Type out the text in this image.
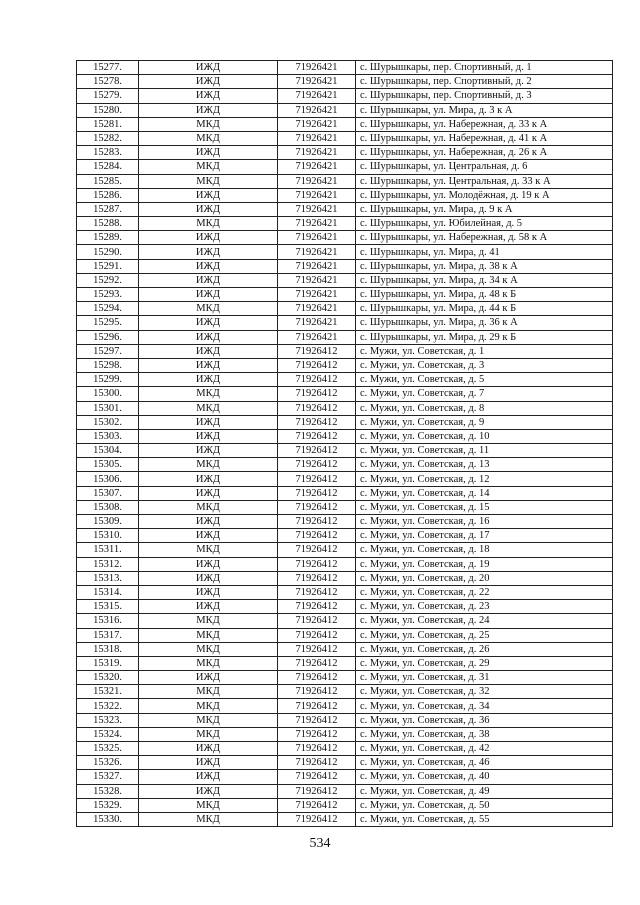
15277.	ИЖД	71926421	с. Шурышкары, пер. Спортивный, д. 1
15278.	ИЖД	71926421	с. Шурышкары, пер. Спортивный, д. 2
15279.	ИЖД	71926421	с. Шурышкары, пер. Спортивный, д. 3
15280.	ИЖД	71926421	с. Шурышкары, ул. Мира, д. 3 к А
15281.	МКД	71926421	с. Шурышкары, ул. Набережная, д. 33 к А
15282.	МКД	71926421	с. Шурышкары, ул. Набережная, д. 41 к А
15283.	ИЖД	71926421	с. Шурышкары, ул. Набережная, д. 26 к А
15284.	МКД	71926421	с. Шурышкары, ул. Центральная, д. 6
15285.	МКД	71926421	с. Шурышкары, ул. Центральная, д. 33 к А
15286.	ИЖД	71926421	с. Шурышкары, ул. Молодёжная, д. 19 к А
15287.	ИЖД	71926421	с. Шурышкары, ул. Мира, д. 9 к А
15288.	МКД	71926421	с. Шурышкары, ул. Юбилейная, д. 5
15289.	ИЖД	71926421	с. Шурышкары, ул. Набережная, д. 58 к А
15290.	ИЖД	71926421	с. Шурышкары, ул. Мира, д. 41
15291.	ИЖД	71926421	с. Шурышкары, ул. Мира, д. 38 к А
15292.	ИЖД	71926421	с. Шурышкары, ул. Мира, д. 34 к А
15293.	ИЖД	71926421	с. Шурышкары, ул. Мира, д. 48 к Б
15294.	МКД	71926421	с. Шурышкары, ул. Мира, д. 44 к Б
15295.	ИЖД	71926421	с. Шурышкары, ул. Мира, д. 36 к А
15296.	ИЖД	71926421	с. Шурышкары, ул. Мира, д. 29 к Б
15297.	ИЖД	71926412	с. Мужи, ул. Советская, д. 1
15298.	ИЖД	71926412	с. Мужи, ул. Советская, д. 3
15299.	ИЖД	71926412	с. Мужи, ул. Советская, д. 5
15300.	МКД	71926412	с. Мужи, ул. Советская, д. 7
15301.	МКД	71926412	с. Мужи, ул. Советская, д. 8
15302.	ИЖД	71926412	с. Мужи, ул. Советская, д. 9
15303.	ИЖД	71926412	с. Мужи, ул. Советская, д. 10
15304.	ИЖД	71926412	с. Мужи, ул. Советская, д. 11
15305.	МКД	71926412	с. Мужи, ул. Советская, д. 13
15306.	ИЖД	71926412	с. Мужи, ул. Советская, д. 12
15307.	ИЖД	71926412	с. Мужи, ул. Советская, д. 14
15308.	МКД	71926412	с. Мужи, ул. Советская, д. 15
15309.	ИЖД	71926412	с. Мужи, ул. Советская, д. 16
15310.	ИЖД	71926412	с. Мужи, ул. Советская, д. 17
15311.	МКД	71926412	с. Мужи, ул. Советская, д. 18
15312.	ИЖД	71926412	с. Мужи, ул. Советская, д. 19
15313.	ИЖД	71926412	с. Мужи, ул. Советская, д. 20
15314.	ИЖД	71926412	с. Мужи, ул. Советская, д. 22
15315.	ИЖД	71926412	с. Мужи, ул. Советская, д. 23
15316.	МКД	71926412	с. Мужи, ул. Советская, д. 24
15317.	МКД	71926412	с. Мужи, ул. Советская, д. 25
15318.	МКД	71926412	с. Мужи, ул. Советская, д. 26
15319.	МКД	71926412	с. Мужи, ул. Советская, д. 29
15320.	ИЖД	71926412	с. Мужи, ул. Советская, д. 31
15321.	МКД	71926412	с. Мужи, ул. Советская, д. 32
15322.	МКД	71926412	с. Мужи, ул. Советская, д. 34
15323.	МКД	71926412	с. Мужи, ул. Советская, д. 36
15324.	МКД	71926412	с. Мужи, ул. Советская, д. 38
15325.	ИЖД	71926412	с. Мужи, ул. Советская, д. 42
15326.	ИЖД	71926412	с. Мужи, ул. Советская, д. 46
15327.	ИЖД	71926412	с. Мужи, ул. Советская, д. 40
15328.	ИЖД	71926412	с. Мужи, ул. Советская, д. 49
15329.	МКД	71926412	с. Мужи, ул. Советская, д. 50
15330.	МКД	71926412	с. Мужи, ул. Советская, д. 55
534
